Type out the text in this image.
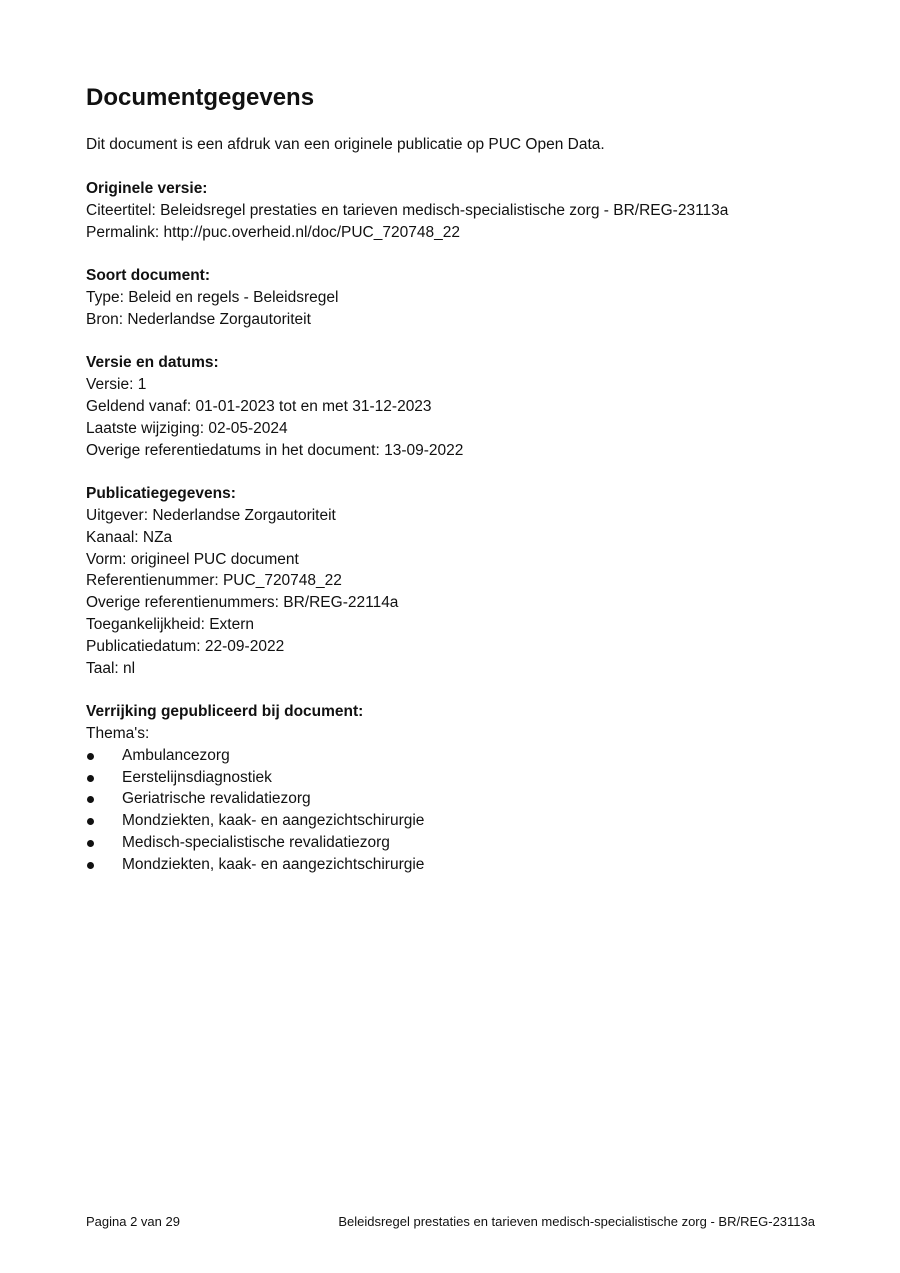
Documentgegevens

Dit document is een afdruk van een originele publicatie op PUC Open Data.

Originele versie:

Citeertitel: Beleidsregel prestaties en tarieven medisch-specialistische zorg - BR/REG-23113a

Permalink: http://puc.overheid.nl/doc/PUC_720748_22

Soort document:

Type: Beleid en regels - Beleidsregel

Bron: Nederlandse Zorgautoriteit

Versie en datums:

Versie: 1

Geldend vanaf: 01-01-2023 tot en met 31-12-2023

Laatste wijziging: 02-05-2024

Overige referentiedatums in het document: 13-09-2022

Publicatiegegevens:

Uitgever: Nederlandse Zorgautoriteit

Kanaal: NZa

Vorm: origineel PUC document

Referentienummer: PUC_720748_22

Overige referentienummers: BR/REG-22114a

Toegankelijkheid: Extern

Publicatiedatum: 22-09-2022

Taal: nl

Verrijking gepubliceerd bij document:

Thema's:

Ambulancezorg
Eerstelijnsdiagnostiek
Geriatrische revalidatiezorg
Mondziekten, kaak- en aangezichtschirurgie
Medisch-specialistische revalidatiezorg
Mondziekten, kaak- en aangezichtschirurgie
Pagina 2 van 29	Beleidsregel prestaties en tarieven medisch-specialistische zorg - BR/REG-23113a
